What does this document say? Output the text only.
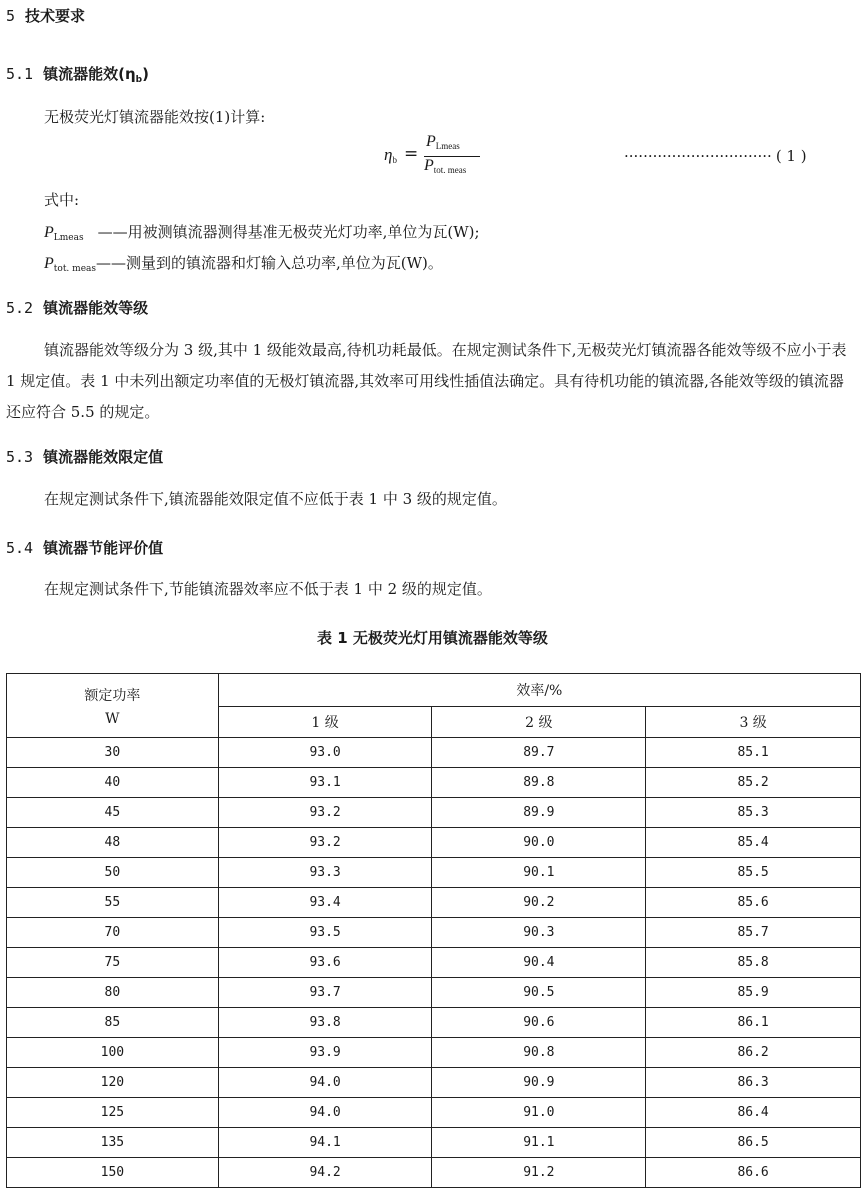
5 技术要求
5.1 镇流器能效$(\eta_b)$
无极荧光灯镇流器能效按(1)计算:
$\eta_b$ =
$P_{Lmeas}$
$P_{tot. meas}$
······························· ( 1 )
式中:
$P_{Lmeas}$ ——用被测镇流器测得基准无极荧光灯功率,单位为瓦(W);
$P_{tot. meas}——$测量到的镇流器和灯输入总功率,单位为瓦(W)。
5.2 镇流器能效等级

镇流器能效等级分为 3 级,其中 1 级能效最高,待机功耗最低。在规定测试条件下,无极荧光灯镇流器各能效等级不应小于表 1 规定值。表 1 中未列出额定功率值的无极灯镇流器,其效率可用线性插值法确定。具有待机功能的镇流器,各能效等级的镇流器还应符合 5.5 的规定。

5.3 镇流器能效限定值

在规定测试条件下,镇流器能效限定值不应低于表 1 中 3 级的规定值。

5.4 镇流器节能评价值

在规定测试条件下,节能镇流器效率应不低于表 1 中 2 级的规定值。

表 1 无极荧光灯用镇流器能效等级
额定功率
W	效率/%		
	1 级	2 级	3 级
30	93.0	89.7	85.1
40	93.1	89.8	85.2
45	93.2	89.9	85.3
48	93.2	90.0	85.4
50	93.3	90.1	85.5
55	93.4	90.2	85.6
70	93.5	90.3	85.7
75	93.6	90.4	85.8
80	93.7	90.5	85.9
85	93.8	90.6	86.1
100	93.9	90.8	86.2
120	94.0	90.9	86.3
125	94.0	91.0	86.4
135	94.1	91.1	86.5
150	94.2	91.2	86.6
